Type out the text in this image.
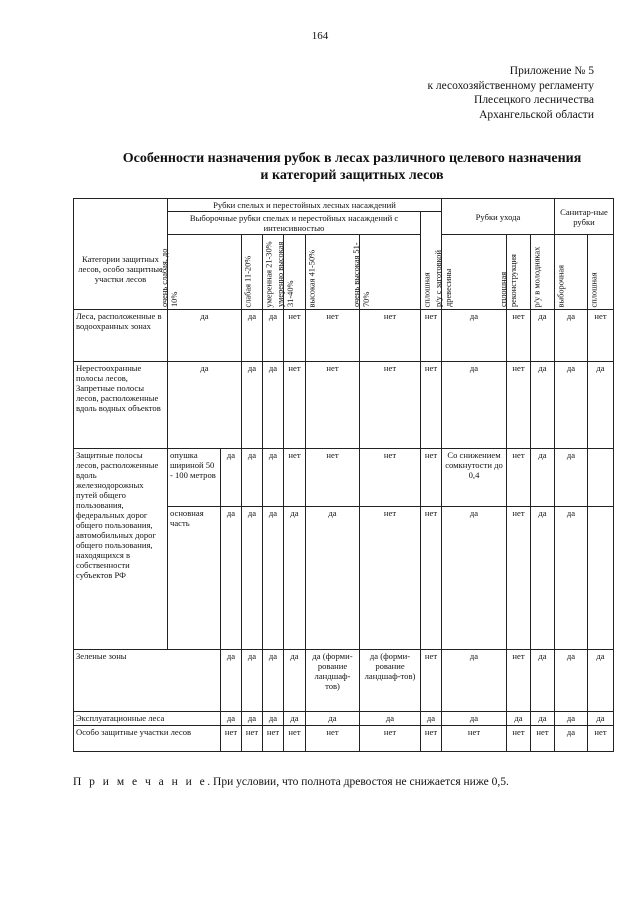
164
Приложение № 5
к лесохозяйственному регламенту
Плесецкого лесничества
Архангельской области
Особенности назначения рубок в лесах различного целевого назначения
и категорий защитных лесов
Категории защитных лесов, особо защитные участки лесов	Рубки спелых и перестойных лесных насаждений								Рубки ухода			Санитар-ные рубки	
	Выборочные рубки спелых и перестойных насаждений с интенсивностью							сплошная					

	очень слабая, до 10%		слабая 11-20%	умеренная 21-30%	умеренно высокая 31-40%	высокая 41-50%	очень высокая 51-70%		р/у с заготовкой древесины	сплошная реконструкция	р/у в молодняках	выборочная	сплошная

Леса, расположенные в водоохранных зонах	да		да	да	нет	нет	нет	нет	да	нет	да	да	нет
Нерестоохранные полосы лесов, Запретные полосы лесов, расположенные вдоль водных объектов	да		да	да	нет	нет	нет	нет	да	нет	да	да	да
Защитные полосы лесов, расположенные вдоль железнодорожных путей общего пользования, федеральных дорог общего пользования, автомобильных дорог общего пользования, находящихся в собственности субъектов РФ	опушка шириной 50 - 100 метров	да	да	да	нет	нет	нет	нет	Со снижением сомкнутости до 0,4	нет	да	да	
	основная часть	да	да	да	да	да	нет	нет	да	нет	да	да	
Зеленые зоны		да	да	да	да	да (форми-рование ландшаф-тов)	да (форми-рование ландшаф-тов)	нет	да	нет	да	да	да
Эксплуатационные леса		да	да	да	да	да	да	да	да	да	да	да	да
Особо защитные участки лесов		нет	нет	нет	нет	нет	нет	нет	нет	нет	нет	да	нет
П р и м е ч а н и е. При условии, что полнота древостоя не снижается ниже 0,5.
